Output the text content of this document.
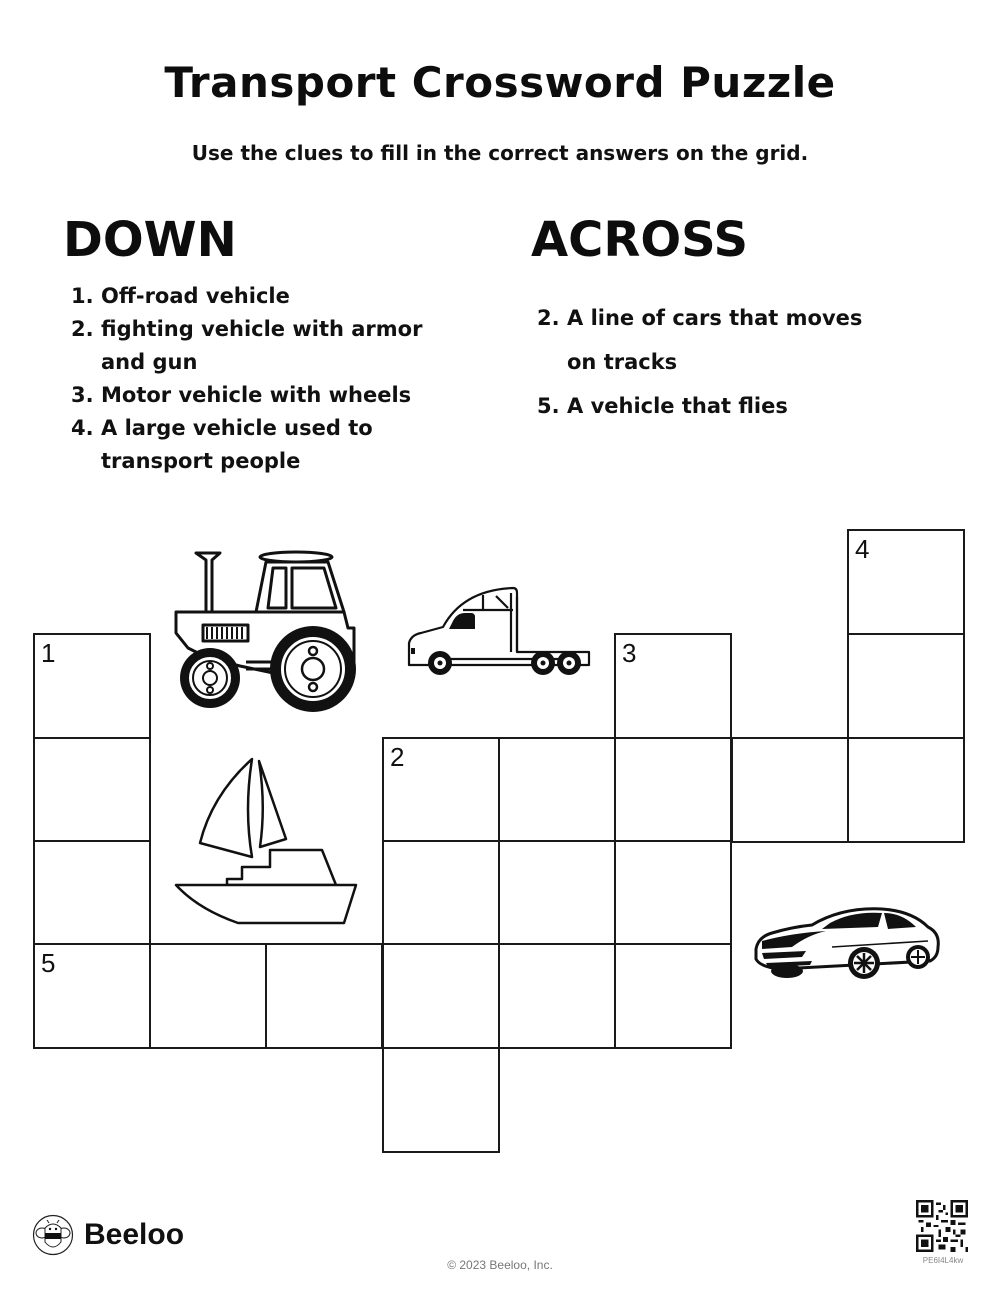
Transport Crossword Puzzle
Use the clues to fill in the correct answers on the grid.
DOWN
1. Off-road vehicle
2. fighting vehicle with armor and gun
3. Motor vehicle with wheels
4. A large vehicle used to transport people
ACROSS
2. A line of cars that moves on tracks
5. A vehicle that flies
4
1	3
2
5
Beeloo
© 2023 Beeloo, Inc.	PE6I4L4kw
